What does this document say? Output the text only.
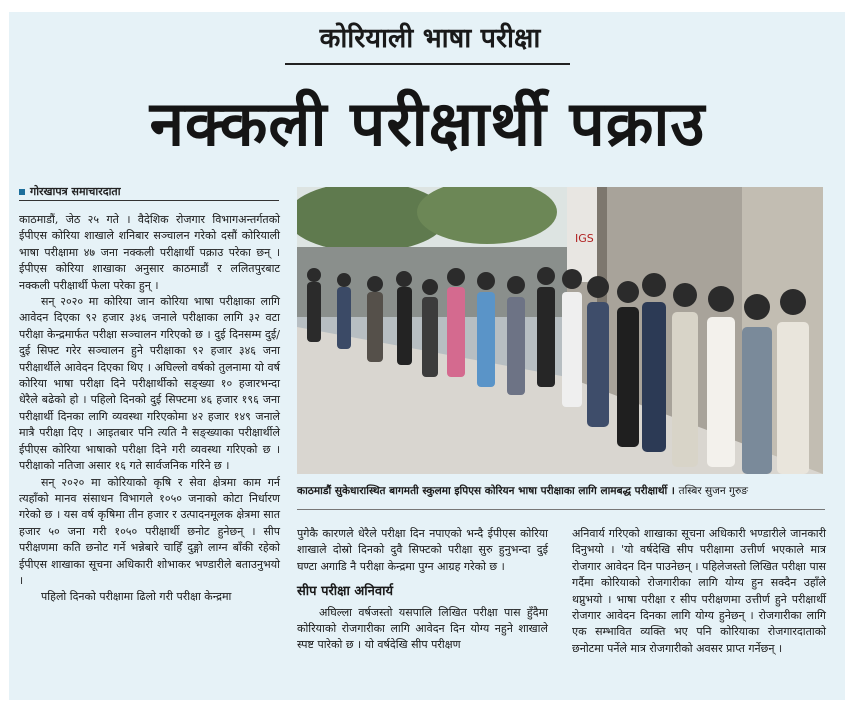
कोरियाली भाषा परीक्षा
नक्कली परीक्षार्थी पक्राउ
गोरखापत्र समाचारदाता

काठमाडौं, जेठ २५ गते । वैदेशिक रोजगार विभागअन्तर्गतको ईपीएस कोरिया शाखाले शनिबार सञ्चालन गरेको दसौं कोरियाली भाषा परीक्षामा ४७ जना नक्कली परीक्षार्थी पक्राउ परेका छन् । ईपीएस कोरिया शाखाका अनुसार काठमाडौं र ललितपुरबाट नक्कली परीक्षार्थी फेला परेका हुन् ।

सन् २०२० मा कोरिया जान कोरिया भाषा परीक्षाका लागि आवेदन दिएका ९२ हजार ३४६ जनाले परीक्षाका लागि ३२ वटा परीक्षा केन्द्रमार्फत परीक्षा सञ्चालन गरिएको छ । दुई दिनसम्म दुई/दुई सिफ्ट गरेर सञ्चालन हुने परीक्षाका ९२ हजार ३४६ जना परीक्षार्थीले आवेदन दिएका थिए । अघिल्लो वर्षको तुलनामा यो वर्ष कोरिया भाषा परीक्षा दिने परीक्षार्थीको सङ्ख्या १० हजारभन्दा धेरैले बढेको हो । पहिलो दिनको दुई सिफ्टमा ४६ हजार १९६ जना परीक्षार्थी दिनका लागि व्यवस्था गरिएकोमा ४२ हजार १४९ जनाले मात्रै परीक्षा दिए । आइतबार पनि त्यति नै सङ्ख्याका परीक्षार्थीले ईपीएस कोरिया भाषाको परीक्षा दिने गरी व्यवस्था गरिएको छ । परीक्षाको नतिजा असार १६ गते सार्वजनिक गरिने छ ।

सन् २०२० मा कोरियाको कृषि र सेवा क्षेत्रमा काम गर्न त्यहाँको मानव संसाधन विभागले १०५० जनाको कोटा निर्धारण गरेको छ । यस वर्ष कृषिमा तीन हजार र उत्पादनमूलक क्षेत्रमा सात हजार ५० जना गरी १०५० परीक्षार्थी छनोट हुनेछन् । सीप परीक्षणमा कति छनोट गर्ने भन्नेबारे चाहिँ दुङ्गो लाग्न बाँकी रहेको ईपीएस शाखाका सूचना अधिकारी शोभाकर भण्डारीले बताउनुभयो ।

पहिलो दिनको परीक्षामा ढिलो गरी परीक्षा केन्द्रमा

IGS
काठमाडौं सुकेधारास्थित बागमती स्कुलमा इपिएस कोरियन भाषा परीक्षाका लागि लामबद्ध परीक्षार्थी । तस्बिर सुजन गुरुङ

पुगेकै कारणले धेरैले परीक्षा दिन नपाएको भन्दै ईपीएस कोरिया शाखाले दोस्रो दिनको दुवै सिफ्टको परीक्षा सुरु हुनुभन्दा दुई घण्टा अगाडि नै परीक्षा केन्द्रमा पुग्न आग्रह गरेको छ ।

सीप परीक्षा अनिवार्य

अघिल्ला वर्षजस्तो यसपालि लिखित परीक्षा पास हुँदैमा कोरियाको रोजगारीका लागि आवेदन दिन योग्य नहुने शाखाले स्पष्ट पारेको छ । यो वर्षदेखि सीप परीक्षण

अनिवार्य गरिएको शाखाका सूचना अधिकारी भण्डारीले जानकारी दिनुभयो । 'यो वर्षदेखि सीप परीक्षामा उत्तीर्ण भएकाले मात्र रोजगार आवेदन दिन पाउनेछन् । पहिलेजस्तो लिखित परीक्षा पास गर्दैमा कोरियाको रोजगारीका लागि योग्य हुन सक्दैन उहाँले थप्नुभयो । भाषा परीक्षा र सीप परीक्षणमा उत्तीर्ण हुने परीक्षार्थी रोजगार आवेदन दिनका लागि योग्य हुनेछन् । रोजगारीका लागि एक सम्भावित व्यक्ति भए पनि कोरियाका रोजगारदाताको छनोटमा पर्नेले मात्र रोजगारीको अवसर प्राप्त गर्नेछन् ।
